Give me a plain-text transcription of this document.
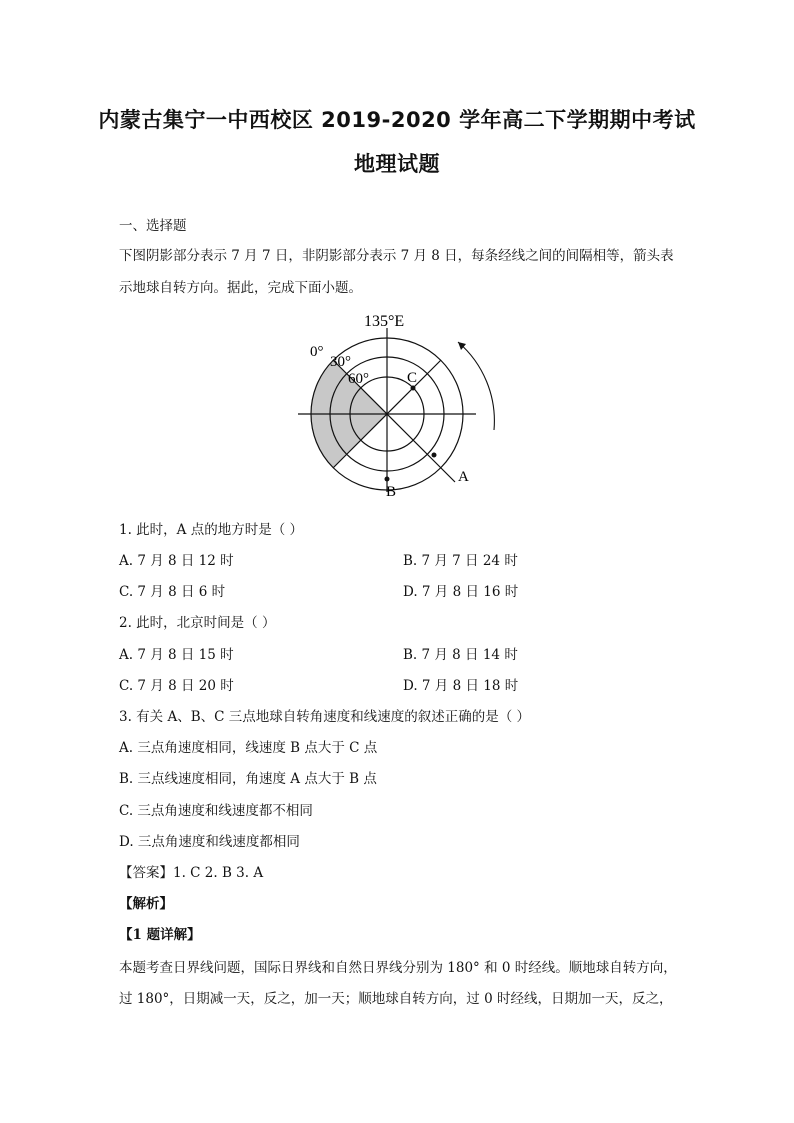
内蒙古集宁一中西校区 2019-2020 学年高二下学期期中考试
地理试题
一、选择题
下图阴影部分表示 7 月 7 日，非阴影部分表示 7 月 8 日，每条经线之间的间隔相等，箭头表
示地球自转方向。据此，完成下面小题。
135°E
0°
30°
60°	C
A
B
1. 此时，A 点的地方时是（ ）
A. 7 月 8 日 12 时	B. 7 月 7 日 24 时
C. 7 月 8 日 6 时	D. 7 月 8 日 16 时
2. 此时，北京时间是（ ）
A. 7 月 8 日 15 时	B. 7 月 8 日 14 时
C. 7 月 8 日 20 时	D. 7 月 8 日 18 时
3. 有关 A、B、C 三点地球自转角速度和线速度的叙述正确的是（ ）
A. 三点角速度相同，线速度 B 点大于 C 点
B. 三点线速度相同，角速度 A 点大于 B 点
C. 三点角速度和线速度都不相同
D. 三点角速度和线速度都相同
【答案】1. C 2. B 3. A
【解析】
【1 题详解】
本题考查日界线问题，国际日界线和自然日界线分别为 180° 和 0 时经线。顺地球自转方向，
过 180°，日期减一天，反之，加一天；顺地球自转方向，过 0 时经线，日期加一天，反之，
